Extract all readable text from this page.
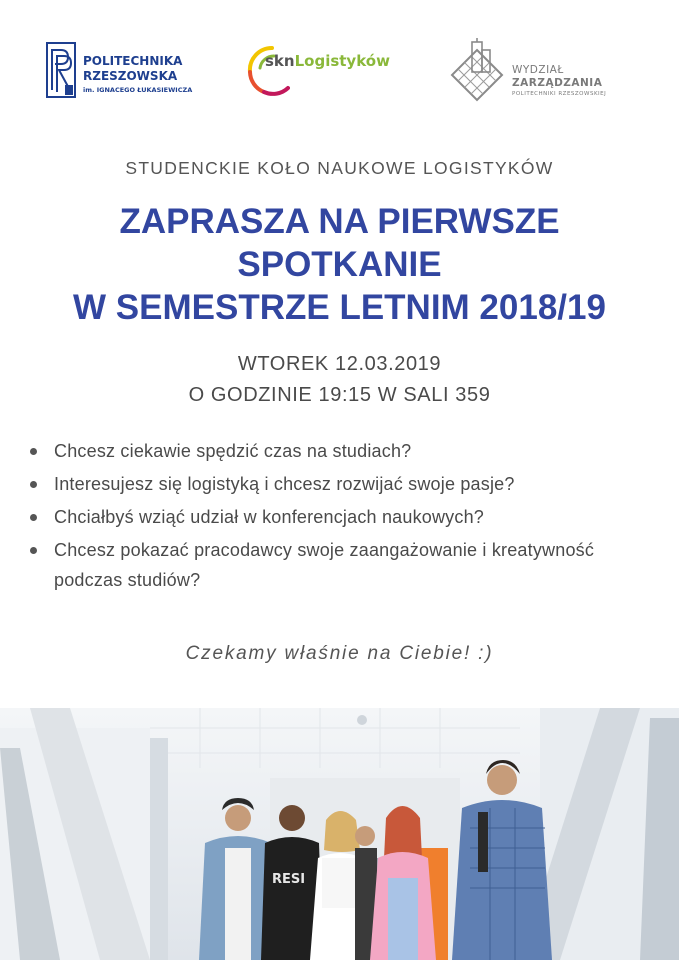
POLITECHNIKA
RZESZOWSKA
im. IGNACEGO ŁUKASIEWICZA
sknLogistyków	WYDZIAŁ
ZARZĄDZANIA
POLITECHNIKI RZESZOWSKIEJ
STUDENCKIE KOŁO NAUKOWE LOGISTYKÓW
ZAPRASZA NA PIERWSZE
SPOTKANIE
W SEMESTRZE LETNIM 2018/19
WTOREK 12.03.2019
O GODZINIE 19:15 W SALI 359
Chcesz ciekawie spędzić czas na studiach?
Interesujesz się logistyką i chcesz rozwijać swoje pasje?
Chciałbyś wziąć udział w konferencjach naukowych?
Chcesz pokazać pracodawcy swoje zaangażowanie i kreatywność podczas studiów?
Czekamy właśnie na Ciebie! :)
RESI
